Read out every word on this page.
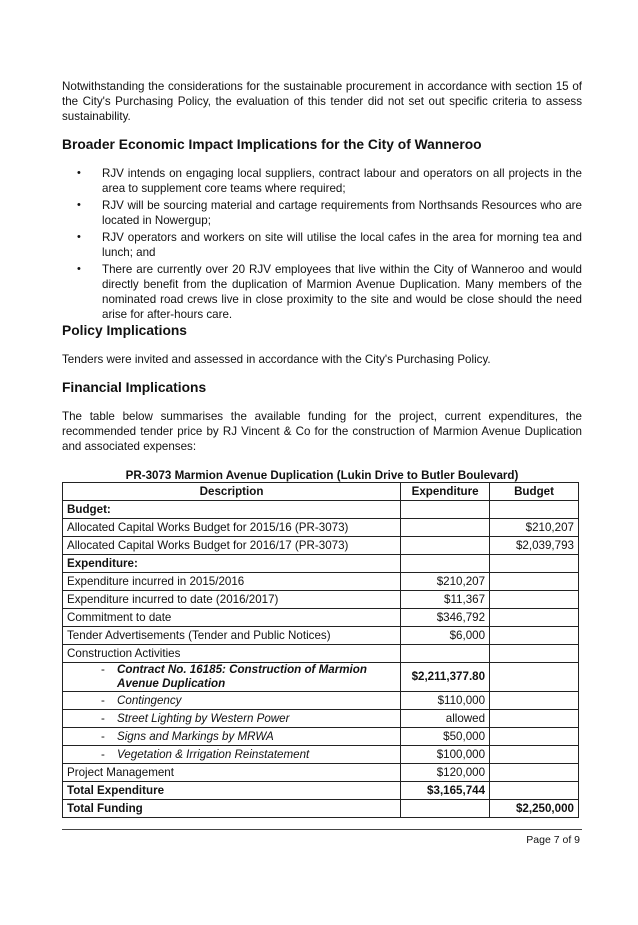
Notwithstanding the considerations for the sustainable procurement in accordance with section 15 of the City's Purchasing Policy, the evaluation of this tender did not set out specific criteria to assess sustainability.

Broader Economic Impact Implications for the City of Wanneroo
• RJV intends on engaging local suppliers, contract labour and operators on all projects in the area to supplement core teams where required;
• RJV will be sourcing material and cartage requirements from Northsands Resources who are located in Nowergup;
• RJV operators and workers on site will utilise the local cafes in the area for morning tea and lunch; and
• There are currently over 20 RJV employees that live within the City of Wanneroo and would directly benefit from the duplication of Marmion Avenue Duplication. Many members of the nominated road crews live in close proximity to the site and would be close should the need arise for after-hours care.
Policy Implications

Tenders were invited and assessed in accordance with the City's Purchasing Policy.

Financial Implications

The table below summarises the available funding for the project, current expenditures, the recommended tender price by RJ Vincent & Co for the construction of Marmion Avenue Duplication and associated expenses:

PR-3073 Marmion Avenue Duplication (Lukin Drive to Butler Boulevard)
Description	Expenditure	Budget
Budget:		
Allocated Capital Works Budget for 2015/16 (PR-3073)		$210,207
Allocated Capital Works Budget for 2016/17 (PR-3073)		$2,039,793
Expenditure:		
Expenditure incurred in 2015/2016	$210,207	
Expenditure incurred to date (2016/2017)	$11,367	
Commitment to date	$346,792	
Tender Advertisements (Tender and Public Notices)	$6,000	
Construction Activities		

- Contract No. 16185: Construction of Marmion Avenue Duplication	$2,211,377.80	

- Contingency	$110,000	

- Street Lighting by Western Power	allowed	

- Signs and Markings by MRWA	$50,000	

- Vegetation & Irrigation Reinstatement	$100,000	
Project Management	$120,000	
Total Expenditure	$3,165,744	
Total Funding		$2,250,000
Page 7 of 9
